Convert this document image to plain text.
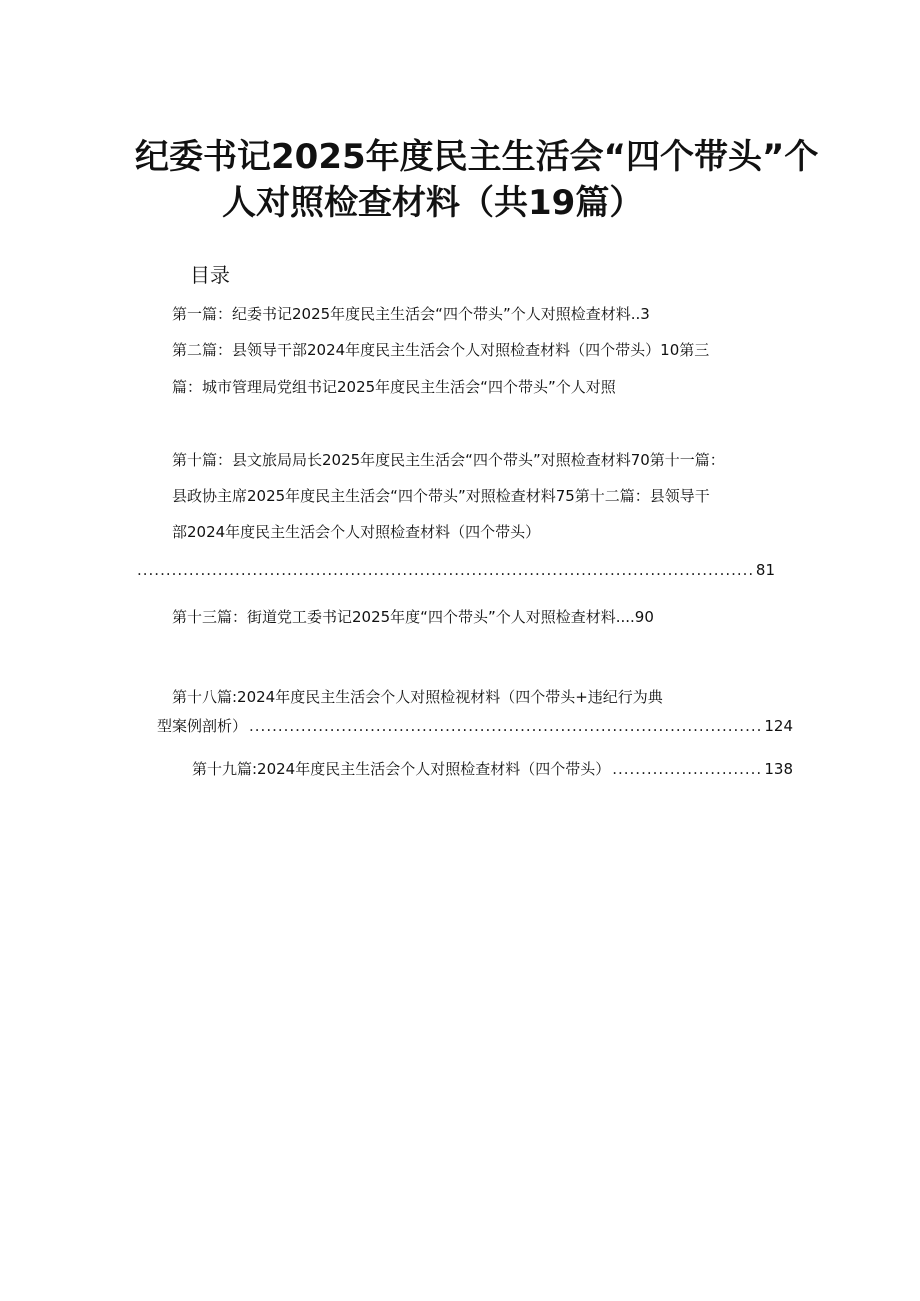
纪委书记2025年度民主生活会“四个带头”个
人对照检查材料（共19篇）
目录
第一篇：纪委书记2025年度民主生活会“四个带头”个人对照检查材料..3
第二篇：县领导干部2024年度民主生活会个人对照检查材料（四个带头）10第三
篇：城市管理局党组书记2025年度民主生活会“四个带头”个人对照
第十篇：县文旅局局长2025年度民主生活会“四个带头”对照检查材料70第十一篇：
县政协主席2025年度民主生活会“四个带头”对照检查材料75第十二篇：县领导干
部2024年度民主生活会个人对照检查材料（四个带头）
.....
81
第十三篇：街道党工委书记2025年度“四个带头”个人对照检查材料....90
第十八篇:2024年度民主生活会个人对照检视材料（四个带头+违纪行为典
型案例剖析） .....	124
第十九篇:2024年度民主生活会个人对照检查材料（四个带头） .....	138
